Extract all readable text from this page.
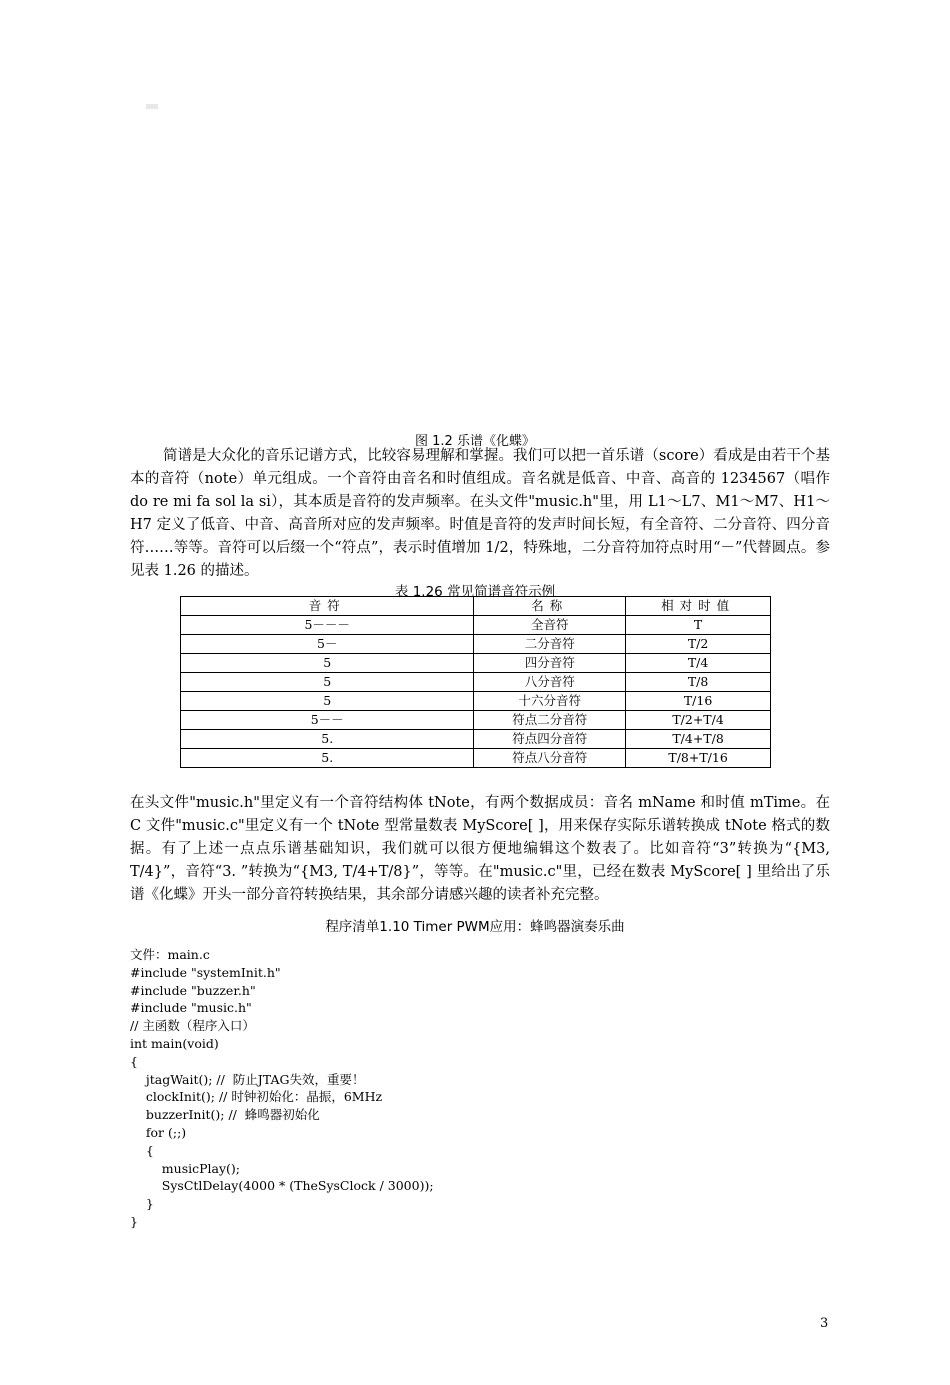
图 1.2 乐谱《化蝶》

简谱是大众化的音乐记谱方式，比较容易理解和掌握。我们可以把一首乐谱（score）看成是由若干个基本的音符（note）单元组成。一个音符由音名和时值组成。音名就是低音、中音、高音的 1234567（唱作 do re mi fa sol la si），其本质是音符的发声频率。在头文件"music.h"里，用 L1～L7、M1～M7、H1～H7 定义了低音、中音、高音所对应的发声频率。时值是音符的发声时间长短，有全音符、二分音符、四分音符……等等。音符可以后缀一个“符点”，表示时值增加 1/2，特殊地，二分音符加符点时用“－”代替圆点。参见表 1.26 的描述。

表 1.26 常见简谱音符示例
音符	名称	相对时值
5－－－	全音符	T
5－	二分音符	T/2
5	四分音符	T/4
5	八分音符	T/8
5	十六分音符	T/16
5－－	符点二分音符	T/2+T/4
5.	符点四分音符	T/4+T/8
5.	符点八分音符	T/8+T/16

在头文件"music.h"里定义有一个音符结构体 tNote，有两个数据成员：音名 mName 和时值 mTime。在 C 文件"music.c"里定义有一个 tNote 型常量数表 MyScore[ ]，用来保存实际乐谱转换成 tNote 格式的数据。有了上述一点点乐谱基础知识，我们就可以很方便地编辑这个数表了。比如音符“3”转换为“{M3, T/4}”，音符“3. ”转换为“{M3, T/4+T/8}”，等等。在"music.c"里，已经在数表 MyScore[ ] 里给出了乐谱《化蝶》开头一部分音符转换结果，其余部分请感兴趣的读者补充完整。

程序清单1.10 Timer PWM应用：蜂鸣器演奏乐曲
文件：main.c
#include "systemInit.h"
#include "buzzer.h"
#include "music.h"
// 主函数（程序入口）
int main(void)
{
jtagWait(); //  防止JTAG失效，重要！
clockInit(); // 时钟初始化：晶振，6MHz
buzzerInit(); //  蜂鸣器初始化
for (;;)
{
musicPlay();
SysCtlDelay(4000 * (TheSysClock / 3000));
}
}
3
